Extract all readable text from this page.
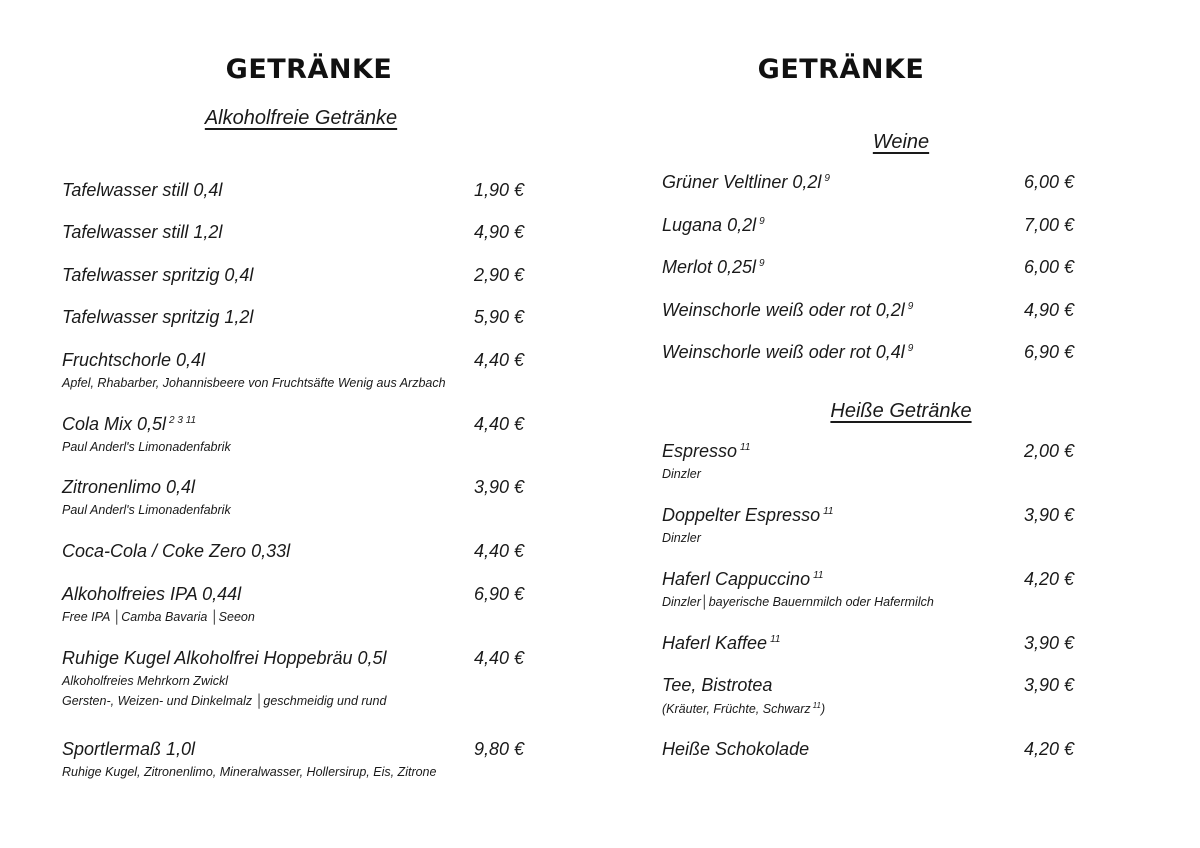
GETRÄNKE
Alkoholfreie Getränke
Tafelwasser still 0,4l	1,90 €
Tafelwasser still 1,2l	4,90 €
Tafelwasser spritzig 0,4l	2,90 €
Tafelwasser spritzig 1,2l	5,90 €
Fruchtschorle 0,4l	4,40 €
Apfel, Rhabarber, Johannisbeere von Fruchtsäfte Wenig aus Arzbach
Cola Mix 0,5l $^{2 3 11}$	4,40 €
Paul Anderl's Limonadenfabrik
Zitronenlimo 0,4l	3,90 €
Paul Anderl's Limonadenfabrik
Coca-Cola / Coke Zero 0,33l	4,40 €
Alkoholfreies IPA 0,44l	6,90 €
Free IPA │Camba Bavaria │Seeon
Ruhige Kugel Alkoholfrei Hoppebräu 0,5l	4,40 €
Alkoholfreies Mehrkorn Zwickl
Gersten-, Weizen- und Dinkelmalz │geschmeidig und rund
Sportlermaß 1,0l	9,80 €
Ruhige Kugel, Zitronenlimo, Mineralwasser, Hollersirup, Eis, Zitrone
GETRÄNKE
Weine
Grüner Veltliner 0,2l $^9$	6,00 €
Lugana 0,2l $^9$	7,00 €
Merlot 0,25l $^9$	6,00 €
Weinschorle weiß oder rot 0,2l $^9$	4,90 €
Weinschorle weiß oder rot 0,4l $^9$	6,90 €
Heiße Getränke
Espresso $^{11}$	2,00 €
Dinzler
Doppelter Espresso $^{11}$	3,90 €
Dinzler
Haferl Cappuccino $^{11}$	4,20 €
Dinzler│bayerische Bauernmilch oder Hafermilch
Haferl Kaffee $^{11}$	3,90 €
Tee, Bistrotea	3,90 €
(Kräuter, Früchte, Schwarz $^{11}$)
Heiße Schokolade	4,20 €
